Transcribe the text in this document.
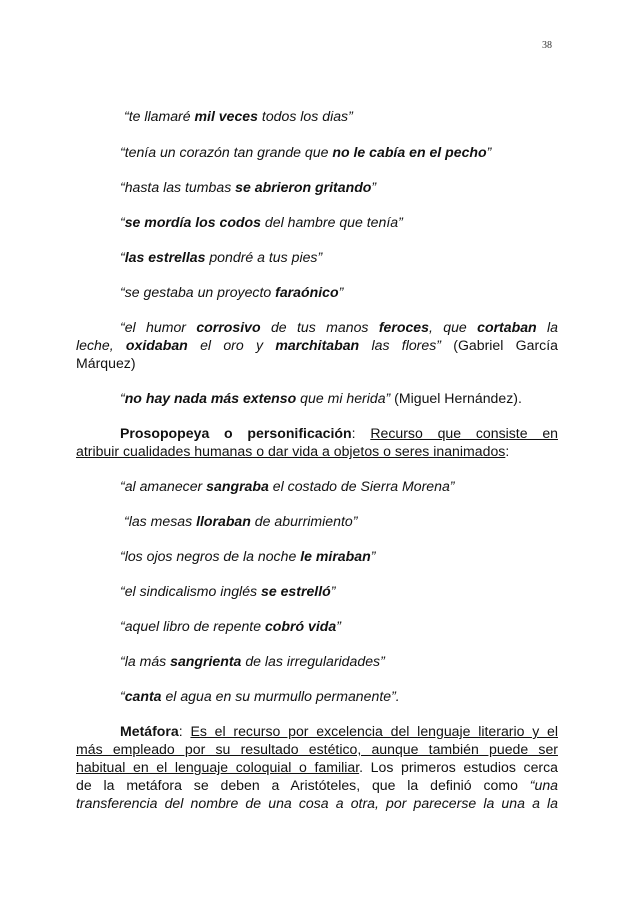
38
“te llamaré mil veces todos los dias”
“tenía un corazón tan grande que no le cabía en el pecho”
“hasta las tumbas se abrieron gritando”
“se mordía los codos del hambre que tenía”
“las estrellas pondré a tus pies”
“se gestaba un proyecto faraónico”
“el humor corrosivo de tus manos feroces, que cortaban la
leche, oxidaban el oro y marchitaban las flores” (Gabriel García
Márquez)
“no hay nada más extenso que mi herida” (Miguel Hernández).
Prosopopeya o personificación: Recurso que consiste en
atribuir cualidades humanas o dar vida a objetos o seres inanimados:
“al amanecer sangraba el costado de Sierra Morena”
“las mesas lloraban de aburrimiento”
“los ojos negros de la noche le miraban”
“el sindicalismo inglés se estrelló”
“aquel libro de repente cobró vida”
“la más sangrienta de las irregularidades”
“canta el agua en su murmullo permanente”.
Metáfora: Es el recurso por excelencia del lenguaje literario y el
más empleado por su resultado estético, aunque también puede ser
habitual en el lenguaje coloquial o familiar. Los primeros estudios cerca
de la metáfora se deben a Aristóteles, que la definió como “una
transferencia del nombre de una cosa a otra, por parecerse la una a la
